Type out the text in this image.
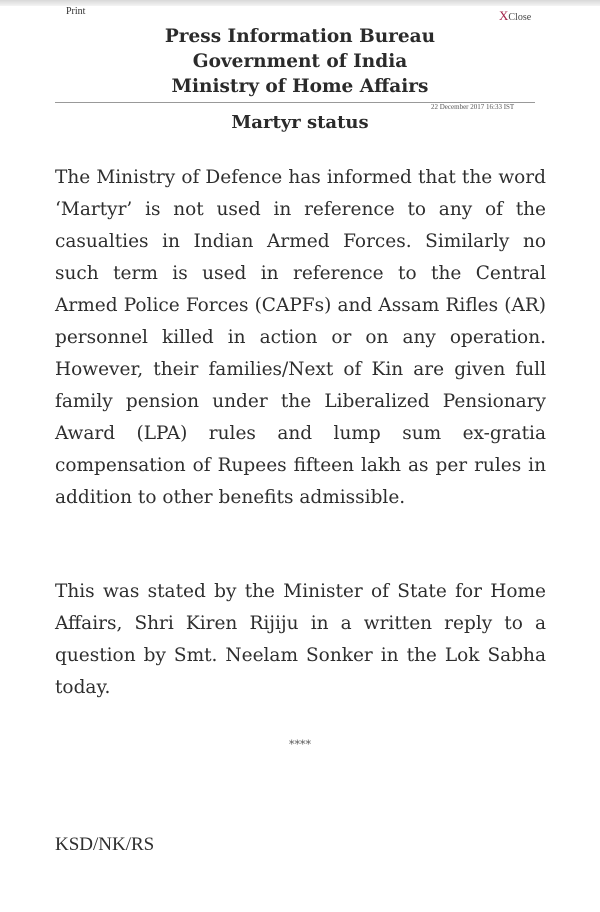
Print	XClose
Press Information Bureau
Government of India
Ministry of Home Affairs
22 December 2017 16:33 IST
Martyr status

The Ministry of Defence has informed that the word ‘Martyr’ is not used in reference to any of the casualties in Indian Armed Forces. Similarly no such term is used in reference to the Central Armed Police Forces (CAPFs) and Assam Rifles (AR) personnel killed in action or on any operation. However, their families/Next of Kin are given full family pension under the Liberalized Pensionary Award (LPA) rules and lump sum ex-gratia compensation of Rupees fifteen lakh as per rules in addition to other benefits admissible.

This was stated by the Minister of State for Home Affairs, Shri Kiren Rijiju in a written reply to a question by Smt. Neelam Sonker in the Lok Sabha today.

****
KSD/NK/RS
